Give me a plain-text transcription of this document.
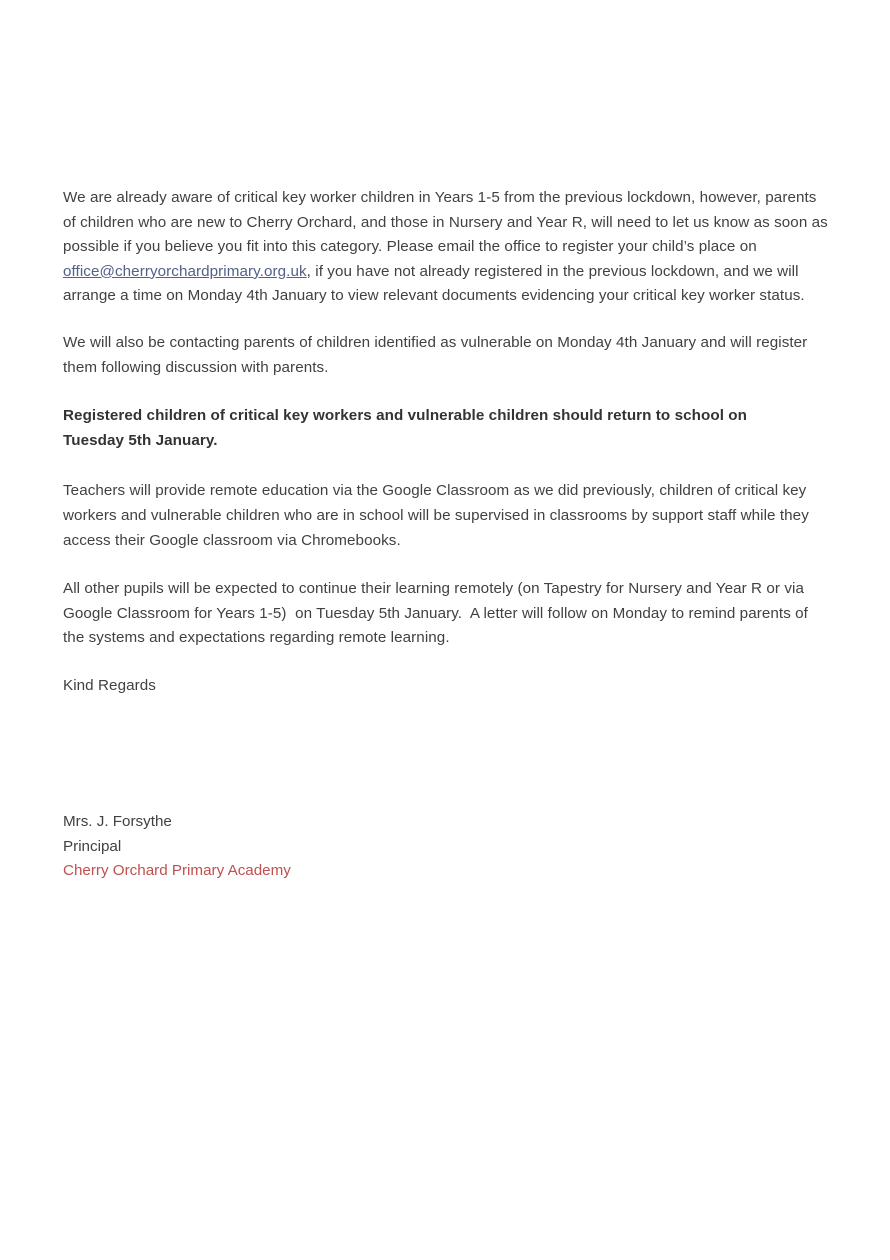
We are already aware of critical key worker children in Years 1-5 from the previous lockdown, however, parents of children who are new to Cherry Orchard, and those in Nursery and Year R, will need to let us know as soon as possible if you believe you fit into this category. Please email the office to register your child’s place on office@cherryorchardprimary.org.uk, if you have not already registered in the previous lockdown, and we will arrange a time on Monday 4th January to view relevant documents evidencing your critical key worker status.

We will also be contacting parents of children identified as vulnerable on Monday 4th January and will register them following discussion with parents.

Registered children of critical key workers and vulnerable children should return to school on Tuesday 5th January.

Teachers will provide remote education via the Google Classroom as we did previously, children of critical key workers and vulnerable children who are in school will be supervised in classrooms by support staff while they access their Google classroom via Chromebooks.

All other pupils will be expected to continue their learning remotely (on Tapestry for Nursery and Year R or via Google Classroom for Years 1-5)  on Tuesday 5th January.  A letter will follow on Monday to remind parents of the systems and expectations regarding remote learning.

Kind Regards

Mrs. J. Forsythe
Principal
Cherry Orchard Primary Academy
